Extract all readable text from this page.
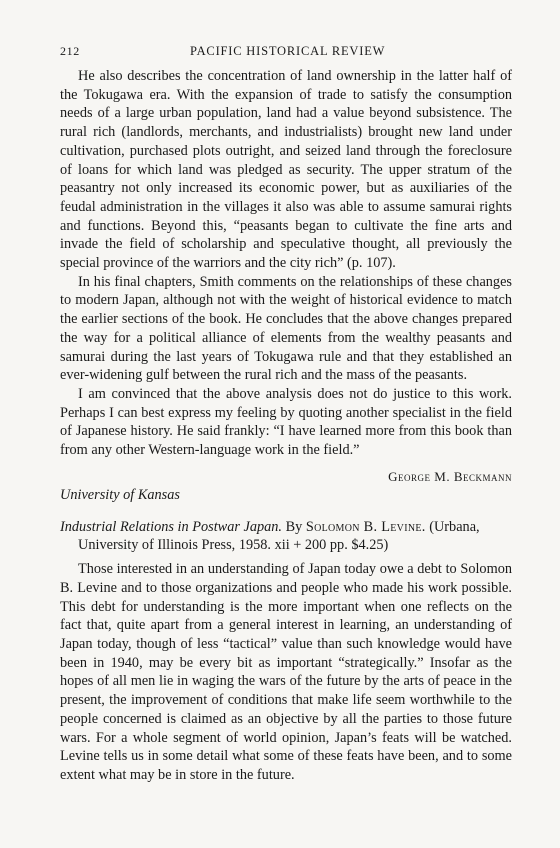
212	PACIFIC HISTORICAL REVIEW

He also describes the concentration of land ownership in the latter half of the Tokugawa era. With the expansion of trade to satisfy the consumption needs of a large urban population, land had a value beyond subsistence. The rural rich (landlords, merchants, and industrialists) brought new land under cultivation, purchased plots outright, and seized land through the foreclosure of loans for which land was pledged as security. The upper stratum of the peasantry not only increased its economic power, but as auxiliaries of the feudal administration in the villages it also was able to assume samurai rights and functions. Beyond this, “peasants began to cultivate the fine arts and invade the field of scholarship and speculative thought, all previously the special province of the warriors and the city rich” (p. 107).

In his final chapters, Smith comments on the relationships of these changes to modern Japan, although not with the weight of historical evidence to match the earlier sections of the book. He concludes that the above changes prepared the way for a political alliance of elements from the wealthy peasants and samurai during the last years of Tokugawa rule and that they established an ever-widening gulf between the rural rich and the mass of the peasants.

I am convinced that the above analysis does not do justice to this work. Perhaps I can best express my feeling by quoting another specialist in the field of Japanese history. He said frankly: “I have learned more from this book than from any other Western-language work in the field.”

George M. Beckmann
University of Kansas
Industrial Relations in Postwar Japan. By Solomon B. Levine. (Urbana, University of Illinois Press, 1958. xii + 200 pp. $4.25)

Those interested in an understanding of Japan today owe a debt to Solomon B. Levine and to those organizations and people who made his work possible. This debt for understanding is the more important when one reflects on the fact that, quite apart from a general interest in learning, an understanding of Japan today, though of less “tactical” value than such knowledge would have been in 1940, may be every bit as important “strategically.” Insofar as the hopes of all men lie in waging the wars of the future by the arts of peace in the present, the improvement of conditions that make life seem worthwhile to the people concerned is claimed as an objective by all the parties to those future wars. For a whole segment of world opinion, Japan’s feats will be watched. Levine tells us in some detail what some of these feats have been, and to some extent what may be in store in the future.
